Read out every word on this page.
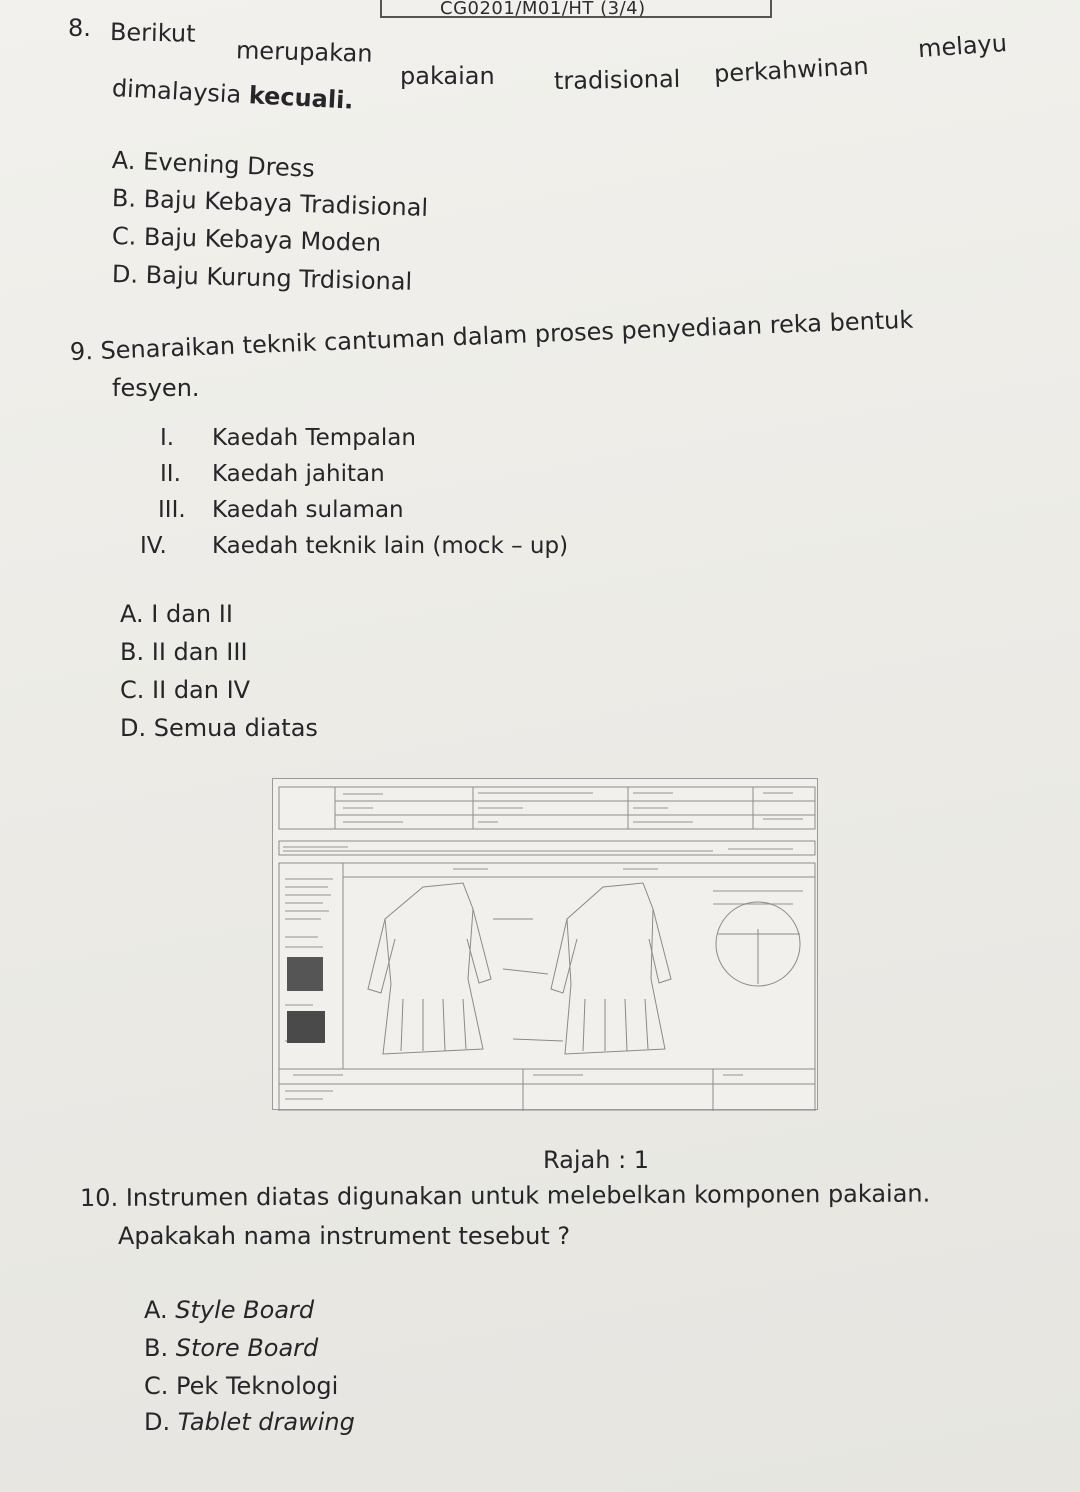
CG0201/M01/HT (3/4)
8. Berikut
merupakan
pakaian tradisional perkahwinan
melayu
dimalaysia kecuali.
A. Evening Dress
B. Baju Kebaya Tradisional
C. Baju Kebaya Moden
D. Baju Kurung Trdisional
9. Senaraikan teknik cantuman dalam proses penyediaan reka bentuk
fesyen.
I. Kaedah Tempalan
II. Kaedah jahitan
III. Kaedah sulaman
IV. Kaedah teknik lain (mock – up)
A. I dan II
B. II dan III
C. II dan IV
D. Semua diatas
Rajah : 1
10. Instrumen diatas digunakan untuk melebelkan komponen pakaian.
Apakakah nama instrument tesebut ?
A. Style Board
B. Store Board
C. Pek Teknologi
D. Tablet drawing
